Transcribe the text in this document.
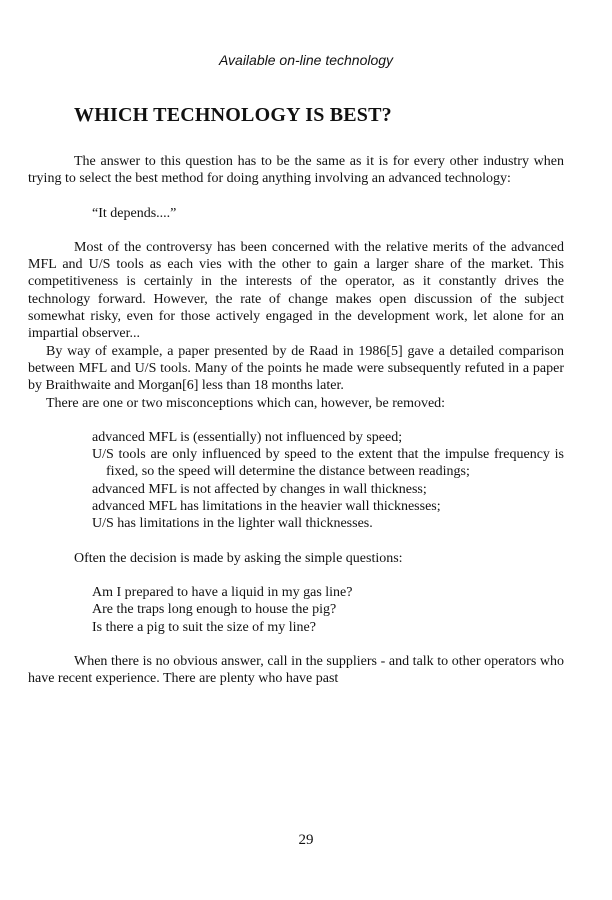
Available on-line technology
WHICH TECHNOLOGY IS BEST?

The answer to this question has to be the same as it is for every other industry when trying to select the best method for doing anything involving an advanced technology:

“It depends....”

Most of the controversy has been concerned with the relative merits of the advanced MFL and U/S tools as each vies with the other to gain a larger share of the market. This competitiveness is certainly in the interests of the operator, as it constantly drives the technology forward. However, the rate of change makes open discussion of the subject somewhat risky, even for those actively engaged in the development work, let alone for an impartial observer...

By way of example, a paper presented by de Raad in 1986[5] gave a detailed comparison between MFL and U/S tools. Many of the points he made were subsequently refuted in a paper by Braithwaite and Morgan[6] less than 18 months later.

There are one or two misconceptions which can, however, be removed:

advanced MFL is (essentially) not influenced by speed;
U/S tools are only influenced by speed to the extent that the impulse frequency is fixed, so the speed will determine the distance between readings;
advanced MFL is not affected by changes in wall thickness;
advanced MFL has limitations in the heavier wall thicknesses;
U/S has limitations in the lighter wall thicknesses.

Often the decision is made by asking the simple questions:

Am I prepared to have a liquid in my gas line?
Are the traps long enough to house the pig?
Is there a pig to suit the size of my line?

When there is no obvious answer, call in the suppliers - and talk to other operators who have recent experience. There are plenty who have past

29
